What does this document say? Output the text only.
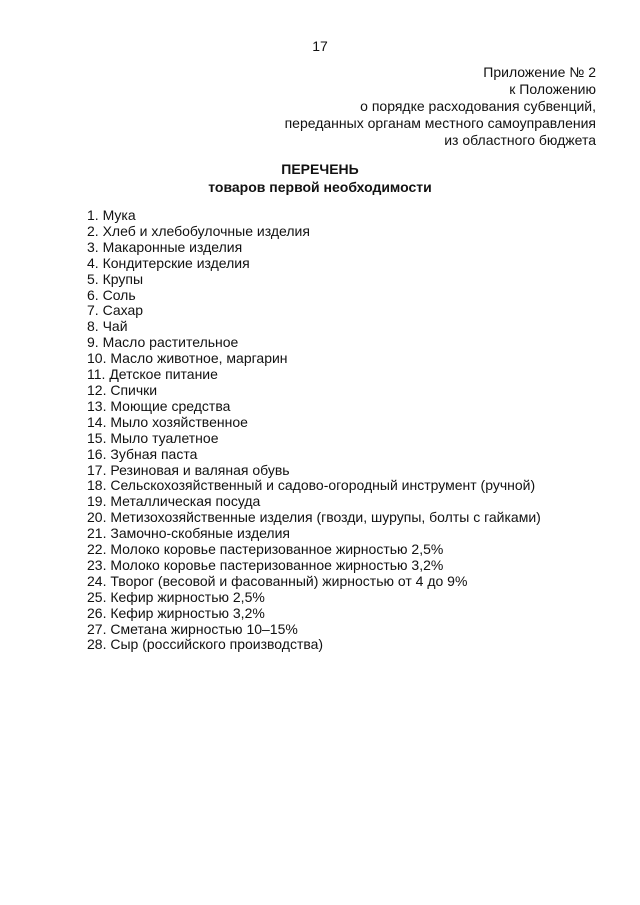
17
Приложение № 2
к Положению
о порядке расходования субвенций,
переданных органам местного самоуправления
из областного бюджета
ПЕРЕЧЕНЬ
товаров первой необходимости
1. Мука
2. Хлеб и хлебобулочные изделия
3. Макаронные изделия
4. Кондитерские изделия
5. Крупы
6. Соль
7. Сахар
8. Чай
9. Масло растительное
10. Масло животное, маргарин
11. Детское питание
12. Спички
13. Моющие средства
14. Мыло хозяйственное
15. Мыло туалетное
16. Зубная паста
17. Резиновая и валяная обувь
18. Сельскохозяйственный и садово-огородный инструмент (ручной)
19. Металлическая посуда
20. Метизохозяйственные изделия (гвозди, шурупы, болты с гайками)
21. Замочно-скобяные изделия
22. Молоко коровье пастеризованное жирностью 2,5%
23. Молоко коровье пастеризованное жирностью 3,2%
24. Творог (весовой и фасованный) жирностью от 4 до 9%
25. Кефир жирностью 2,5%
26. Кефир жирностью 3,2%
27. Сметана жирностью 10–15%
28. Сыр (российского производства)
